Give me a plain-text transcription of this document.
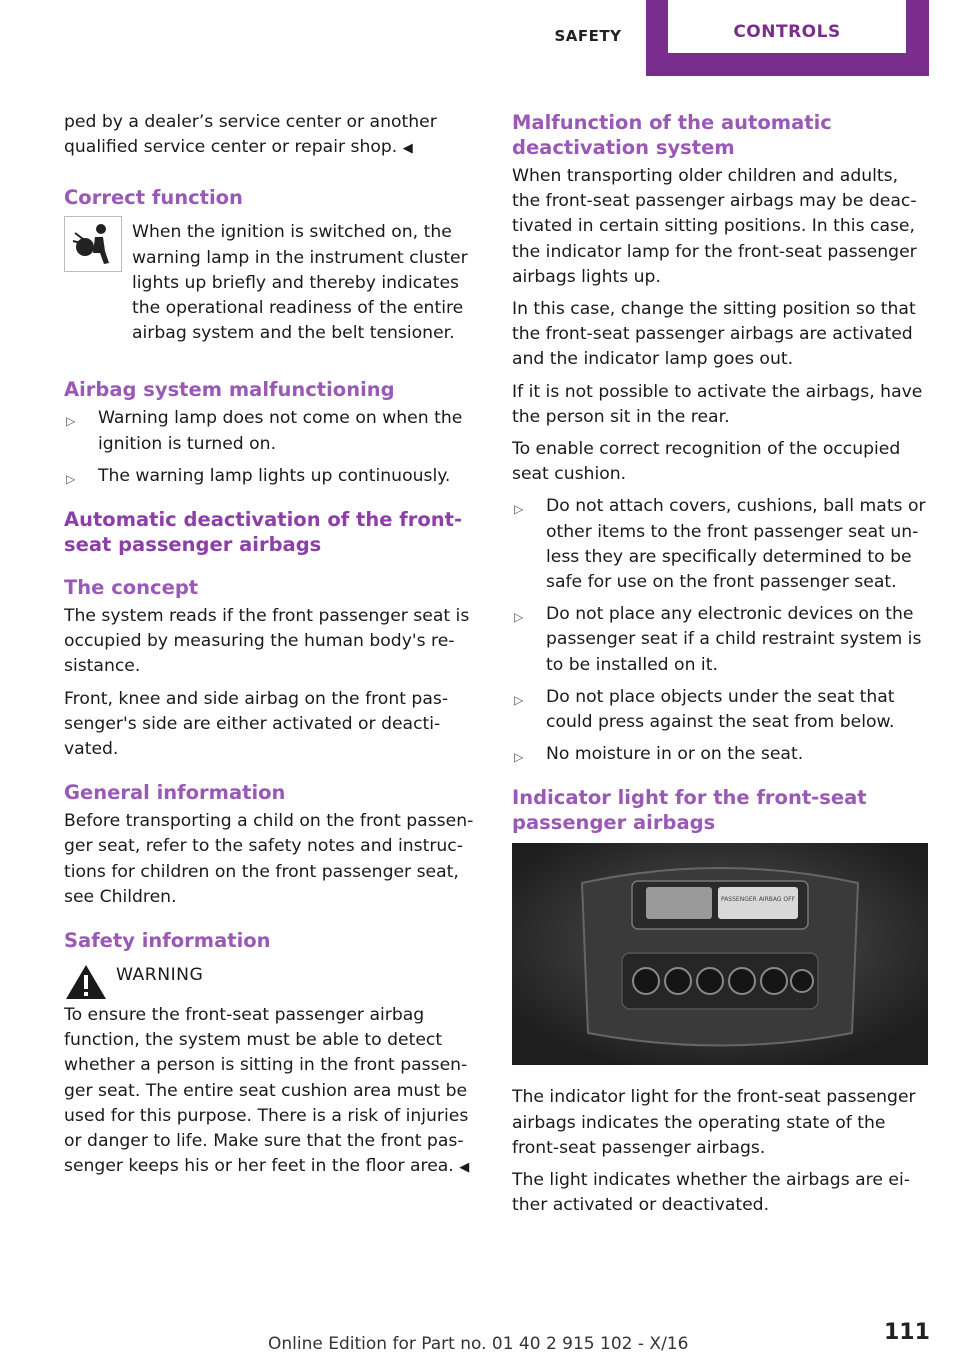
SAFETY	CONTROLS

ped by a dealer’s service center or another qualified service center or repair shop. ◀

Correct function

When the ignition is switched on, the warning lamp in the instrument cluster lights up briefly and thereby indicates the operational readiness of the entire airbag system and the belt tensioner.

Airbag system malfunctioning
▷ Warning lamp does not come on when the ignition is turned on.
▷ The warning lamp lights up continuously.
Automatic deactivation of the front-seat passenger airbags
The concept

The system reads if the front passenger seat is occupied by measuring the human body's re-sistance.

Front, knee and side airbag on the front pas-senger's side are either activated or deacti-vated.

General information

Before transporting a child on the front passen-ger seat, refer to the safety notes and instruc-tions for children on the front passenger seat, see Children.

Safety information

WARNING

To ensure the front-seat passenger airbag function, the system must be able to detect whether a person is sitting in the front passen-ger seat. The entire seat cushion area must be used for this purpose. There is a risk of injuries or danger to life. Make sure that the front pas-senger keeps his or her feet in the floor area. ◀

Malfunction of the automatic deactivation system

When transporting older children and adults, the front-seat passenger airbags may be deac-tivated in certain sitting positions. In this case, the indicator lamp for the front-seat passenger airbags lights up.

In this case, change the sitting position so that the front-seat passenger airbags are activated and the indicator lamp goes out.

If it is not possible to activate the airbags, have the person sit in the rear.

To enable correct recognition of the occupied seat cushion.

▷ Do not attach covers, cushions, ball mats or other items to the front passenger seat un-less they are specifically determined to be safe for use on the front passenger seat.
▷ Do not place any electronic devices on the passenger seat if a child restraint system is to be installed on it.
▷ Do not place objects under the seat that could press against the seat from below.
▷ No moisture in or on the seat.
Indicator light for the front-seat passenger airbags
PASSENGER AIRBAG OFF

The indicator light for the front-seat passenger airbags indicates the operating state of the front-seat passenger airbags.

The light indicates whether the airbags are ei-ther activated or deactivated.

Online Edition for Part no. 01 40 2 915 102 - X/16	111
